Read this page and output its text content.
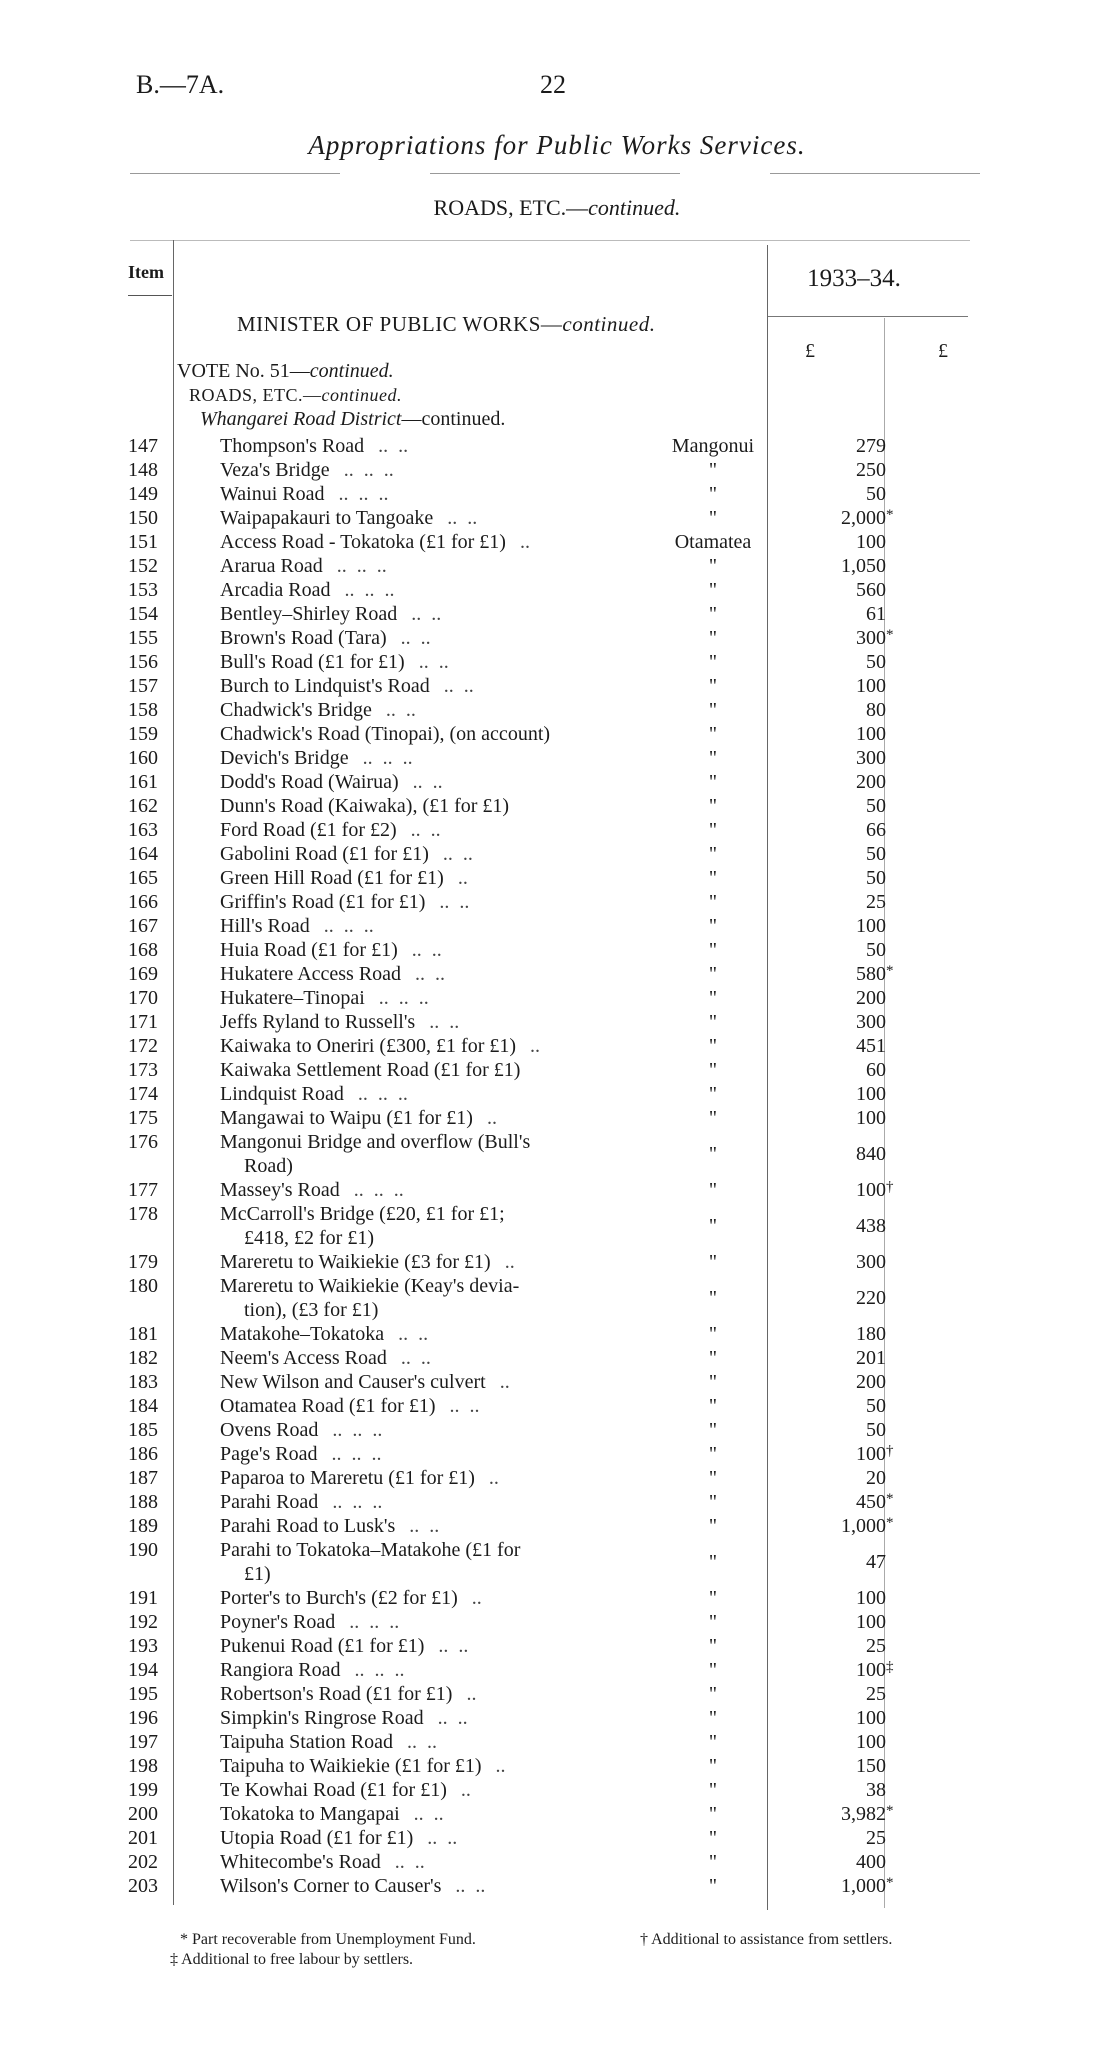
B.—7A.	22
Appropriations for Public Works Services.
ROADS, ETC.—continued.
Item	1933–34.
£	£
MINISTER OF PUBLIC WORKS—continued.
VOTE No. 51—continued.
ROADS, ETC.—continued.
Whangarei Road District—continued.
147	Thompson's Road ..  ..	Mangonui	279
148	Veza's Bridge ..  ..  ..	"	250
149	Wainui Road ..  ..  ..	"	50
150	Waipapakauri to Tangoake ..  ..	"	2,000 *
151	Access Road - Tokatoka (£1 for £1) ..	Otamatea	100
152	Ararua Road ..  ..  ..	"	1,050
153	Arcadia Road ..  ..  ..	"	560
154	Bentley–Shirley Road ..  ..	"	61
155	Brown's Road (Tara) ..  ..	"	300 *
156	Bull's Road (£1 for £1) ..  ..	"	50
157	Burch to Lindquist's Road ..  ..	"	100
158	Chadwick's Bridge ..  ..	"	80
159	Chadwick's Road (Tinopai), (on account)	"	100
160	Devich's Bridge ..  ..  ..	"	300
161	Dodd's Road (Wairua) ..  ..	"	200
162	Dunn's Road (Kaiwaka), (£1 for £1)	"	50
163	Ford Road (£1 for £2) ..  ..	"	66
164	Gabolini Road (£1 for £1) ..  ..	"	50
165	Green Hill Road (£1 for £1) ..	"	50
166	Griffin's Road (£1 for £1) ..  ..	"	25
167	Hill's Road ..  ..  ..	"	100
168	Huia Road (£1 for £1) ..  ..	"	50
169	Hukatere Access Road ..  ..	"	580 *
170	Hukatere–Tinopai ..  ..  ..	"	200
171	Jeffs Ryland to Russell's ..  ..	"	300
172	Kaiwaka to Oneriri (£300, £1 for £1) ..	"	451
173	Kaiwaka Settlement Road (£1 for £1)	"	60
174	Lindquist Road ..  ..  ..	"	100
175	Mangawai to Waipu (£1 for £1) ..	"	100
176	Mangonui Bridge and overflow (Bull's
Road)
"	840
177	Massey's Road ..  ..  ..	"	100 †
178	McCarroll's Bridge (£20, £1 for £1;
£418, £2 for £1)
"	438
179	Mareretu to Waikiekie (£3 for £1) ..	"	300
180	Mareretu to Waikiekie (Keay's devia-
tion), (£3 for £1)
"	220
181	Matakohe–Tokatoka ..  ..	"	180
182	Neem's Access Road ..  ..	"	201
183	New Wilson and Causer's culvert ..	"	200
184	Otamatea Road (£1 for £1) ..  ..	"	50
185	Ovens Road ..  ..  ..	"	50
186	Page's Road ..  ..  ..	"	100 †
187	Paparoa to Mareretu (£1 for £1) ..	"	20
188	Parahi Road ..  ..  ..	"	450 *
189	Parahi Road to Lusk's ..  ..	"	1,000 *
190	Parahi to Tokatoka–Matakohe (£1 for
£1)
"	47
191	Porter's to Burch's (£2 for £1) ..	"	100
192	Poyner's Road ..  ..  ..	"	100
193	Pukenui Road (£1 for £1) ..  ..	"	25
194	Rangiora Road ..  ..  ..	"	100 ‡
195	Robertson's Road (£1 for £1) ..	"	25
196	Simpkin's Ringrose Road ..  ..	"	100
197	Taipuha Station Road ..  ..	"	100
198	Taipuha to Waikiekie (£1 for £1) ..	"	150
199	Te Kowhai Road (£1 for £1) ..	"	38
200	Tokatoka to Mangapai ..  ..	"	3,982 *
201	Utopia Road (£1 for £1) ..  ..	"	25
202	Whitecombe's Road ..  ..	"	400
203	Wilson's Corner to Causer's ..  ..	"	1,000 *
* Part recoverable from Unemployment Fund.	† Additional to assistance from settlers.
‡ Additional to free labour by settlers.
